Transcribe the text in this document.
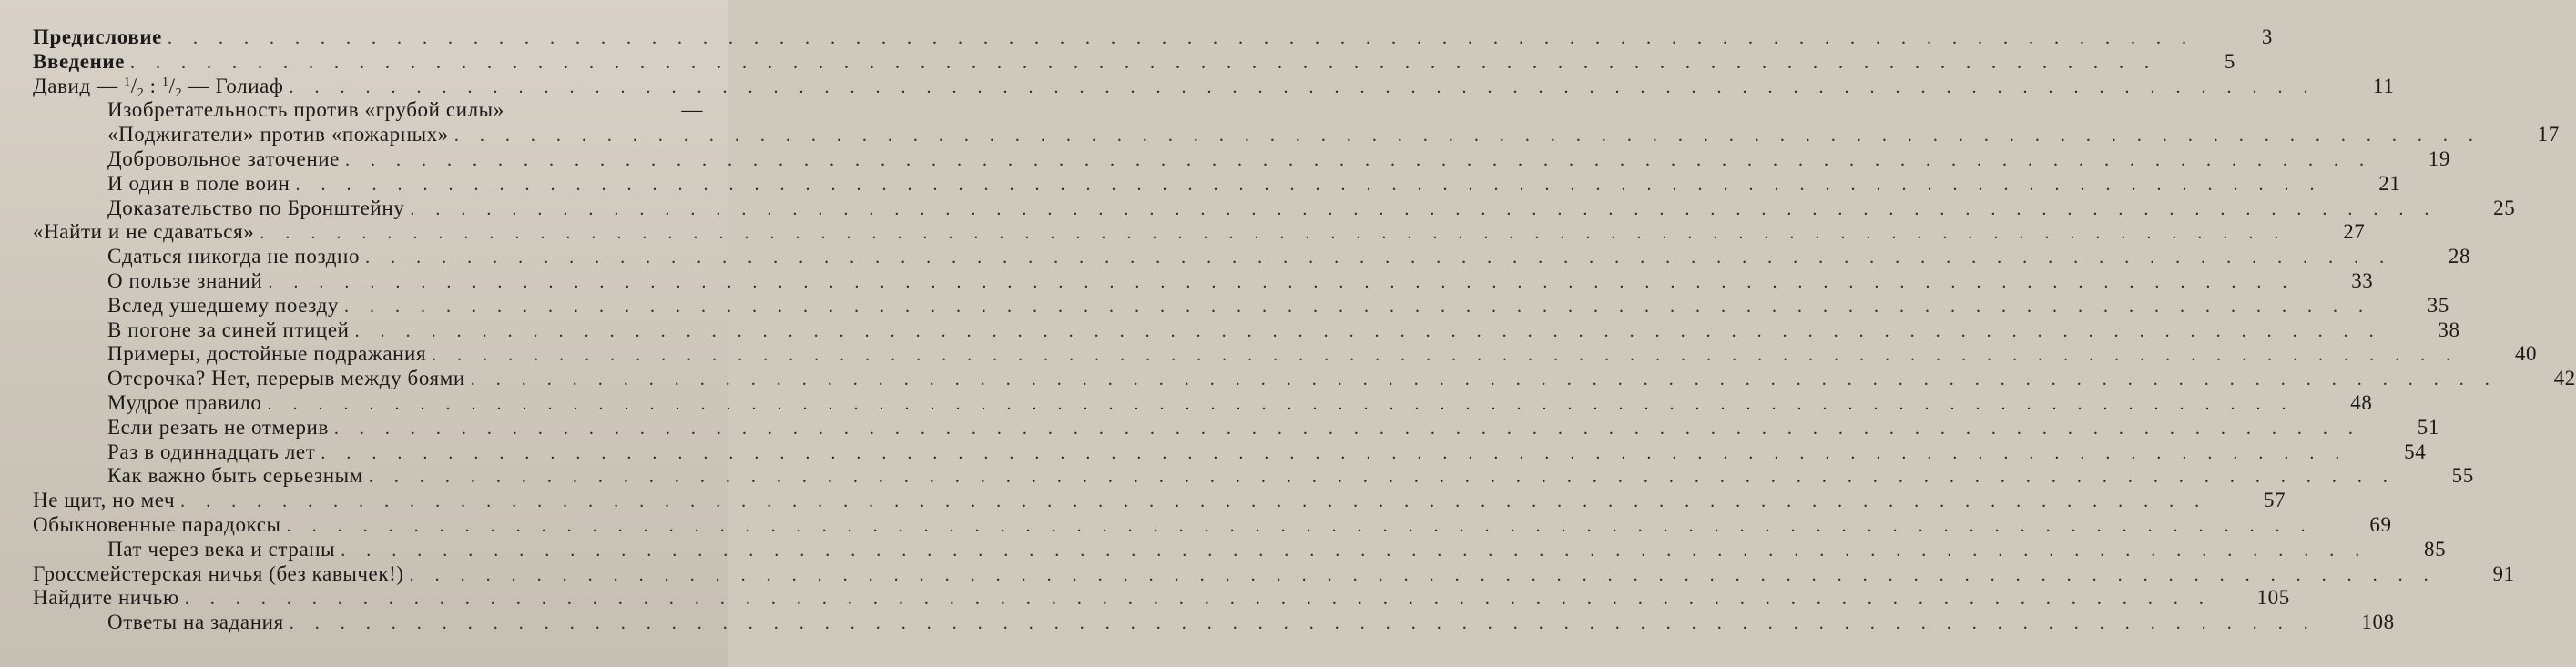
Предисловие . . . . . . . . . . . . . . . . . . . . . . . . . . . . . . . . . . . . . . . . . . . . . . . . . . . . . . . . . . . . . . . . . . . . . . . . . . . . . . . .	3
Введение . . . . . . . . . . . . . . . . . . . . . . . . . . . . . . . . . . . . . . . . . . . . . . . . . . . . . . . . . . . . . . . . . . . . . . . . . . . . . . . .	5
Давид — $^1$/2 : $^1$/2 — Голиаф . . . . . . . . . . . . . . . . . . . . . . . . . . . . . . . . . . . . . . . . . . . . . . . . . . . . . . . . . . . . . . . . . . . . . . . . . . . . . . . .	11
Изобретательность против «грубой силы»	—
«Поджигатели» против «пожарных» . . . . . . . . . . . . . . . . . . . . . . . . . . . . . . . . . . . . . . . . . . . . . . . . . . . . . . . . . . . . . . . . . . . . . . . . . . . . . . . .	17
Добровольное заточение . . . . . . . . . . . . . . . . . . . . . . . . . . . . . . . . . . . . . . . . . . . . . . . . . . . . . . . . . . . . . . . . . . . . . . . . . . . . . . . .	19
И один в поле воин . . . . . . . . . . . . . . . . . . . . . . . . . . . . . . . . . . . . . . . . . . . . . . . . . . . . . . . . . . . . . . . . . . . . . . . . . . . . . . . .	21
Доказательство по Бронштейну . . . . . . . . . . . . . . . . . . . . . . . . . . . . . . . . . . . . . . . . . . . . . . . . . . . . . . . . . . . . . . . . . . . . . . . . . . . . . . . .	25
«Найти и не сдаваться» . . . . . . . . . . . . . . . . . . . . . . . . . . . . . . . . . . . . . . . . . . . . . . . . . . . . . . . . . . . . . . . . . . . . . . . . . . . . . . . .	27
Сдаться никогда не поздно . . . . . . . . . . . . . . . . . . . . . . . . . . . . . . . . . . . . . . . . . . . . . . . . . . . . . . . . . . . . . . . . . . . . . . . . . . . . . . . .	28
О пользе знаний . . . . . . . . . . . . . . . . . . . . . . . . . . . . . . . . . . . . . . . . . . . . . . . . . . . . . . . . . . . . . . . . . . . . . . . . . . . . . . . .	33
Вслед ушедшему поезду . . . . . . . . . . . . . . . . . . . . . . . . . . . . . . . . . . . . . . . . . . . . . . . . . . . . . . . . . . . . . . . . . . . . . . . . . . . . . . . .	35
В погоне за синей птицей . . . . . . . . . . . . . . . . . . . . . . . . . . . . . . . . . . . . . . . . . . . . . . . . . . . . . . . . . . . . . . . . . . . . . . . . . . . . . . . .	38
Примеры, достойные подражания . . . . . . . . . . . . . . . . . . . . . . . . . . . . . . . . . . . . . . . . . . . . . . . . . . . . . . . . . . . . . . . . . . . . . . . . . . . . . . . .	40
Отсрочка? Нет, перерыв между боями . . . . . . . . . . . . . . . . . . . . . . . . . . . . . . . . . . . . . . . . . . . . . . . . . . . . . . . . . . . . . . . . . . . . . . . . . . . . . . . .	42
Мудрое правило . . . . . . . . . . . . . . . . . . . . . . . . . . . . . . . . . . . . . . . . . . . . . . . . . . . . . . . . . . . . . . . . . . . . . . . . . . . . . . . .	48
Если резать не отмерив . . . . . . . . . . . . . . . . . . . . . . . . . . . . . . . . . . . . . . . . . . . . . . . . . . . . . . . . . . . . . . . . . . . . . . . . . . . . . . . .	51
Раз в одиннадцать лет . . . . . . . . . . . . . . . . . . . . . . . . . . . . . . . . . . . . . . . . . . . . . . . . . . . . . . . . . . . . . . . . . . . . . . . . . . . . . . . .	54
Как важно быть серьезным . . . . . . . . . . . . . . . . . . . . . . . . . . . . . . . . . . . . . . . . . . . . . . . . . . . . . . . . . . . . . . . . . . . . . . . . . . . . . . . .	55
Не щит, но меч . . . . . . . . . . . . . . . . . . . . . . . . . . . . . . . . . . . . . . . . . . . . . . . . . . . . . . . . . . . . . . . . . . . . . . . . . . . . . . . .	57
Обыкновенные парадоксы . . . . . . . . . . . . . . . . . . . . . . . . . . . . . . . . . . . . . . . . . . . . . . . . . . . . . . . . . . . . . . . . . . . . . . . . . . . . . . . .	69
Пат через века и страны . . . . . . . . . . . . . . . . . . . . . . . . . . . . . . . . . . . . . . . . . . . . . . . . . . . . . . . . . . . . . . . . . . . . . . . . . . . . . . . .	85
Гроссмейстерская ничья (без кавычек!) . . . . . . . . . . . . . . . . . . . . . . . . . . . . . . . . . . . . . . . . . . . . . . . . . . . . . . . . . . . . . . . . . . . . . . . . . . . . . . . .	91
Найдите ничью . . . . . . . . . . . . . . . . . . . . . . . . . . . . . . . . . . . . . . . . . . . . . . . . . . . . . . . . . . . . . . . . . . . . . . . . . . . . . . . .	105
Ответы на задания . . . . . . . . . . . . . . . . . . . . . . . . . . . . . . . . . . . . . . . . . . . . . . . . . . . . . . . . . . . . . . . . . . . . . . . . . . . . . . . .	108
